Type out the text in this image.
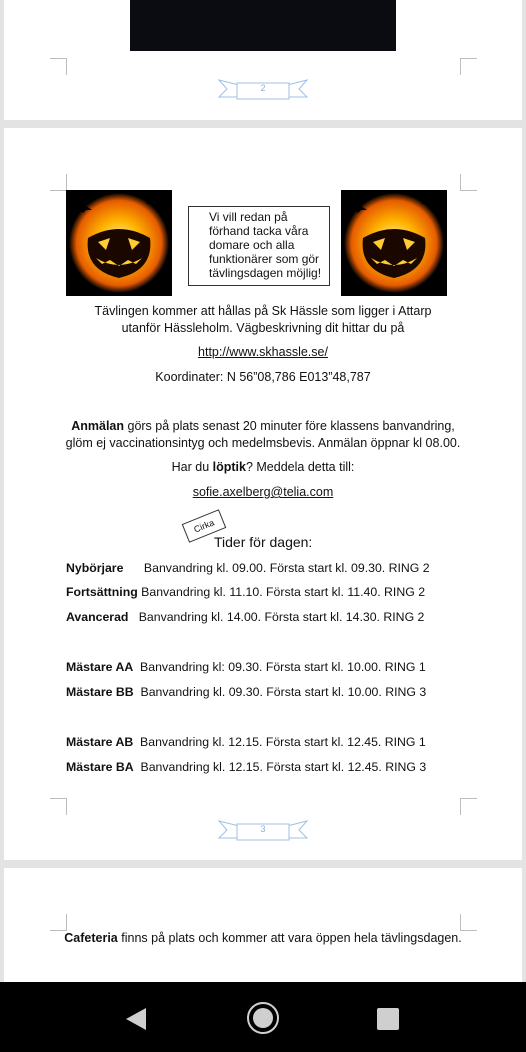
2
Vi vill redan på förhand tacka våra domare och alla funktionärer som gör tävlingsdagen möjlig!
Tävlingen kommer att hållas på Sk Hässle som ligger i Attarp utanför Hässleholm. Vägbeskrivning dit hittar du på
http://www.skhassle.se/
Koordinater: N 56”08,786 E013”48,787
Anmälan görs på plats senast 20 minuter före klassens banvandring, glöm ej vaccinationsintyg och medelmsbevis. Anmälan öppnar kl 08.00.
Har du löptik? Meddela detta till:
sofie.axelberg@telia.com
Cirka
Tider för dagen:
Nybörjare Banvandring kl. 09.00. Första start kl. 09.30. RING 2
Fortsättning Banvandring kl. 11.10. Första start kl. 11.40. RING 2
Avancerad Banvandring kl. 14.00. Första start kl. 14.30. RING 2
Mästare AA Banvandring kl: 09.30. Första start kl. 10.00. RING 1
Mästare BB Banvandring kl. 09.30. Första start kl. 10.00. RING 3
Mästare AB Banvandring kl. 12.15. Första start kl. 12.45. RING 1
Mästare BA Banvandring kl. 12.15. Första start kl. 12.45. RING 3
3
Cafeteria finns på plats och kommer att vara öppen hela tävlingsdagen.
